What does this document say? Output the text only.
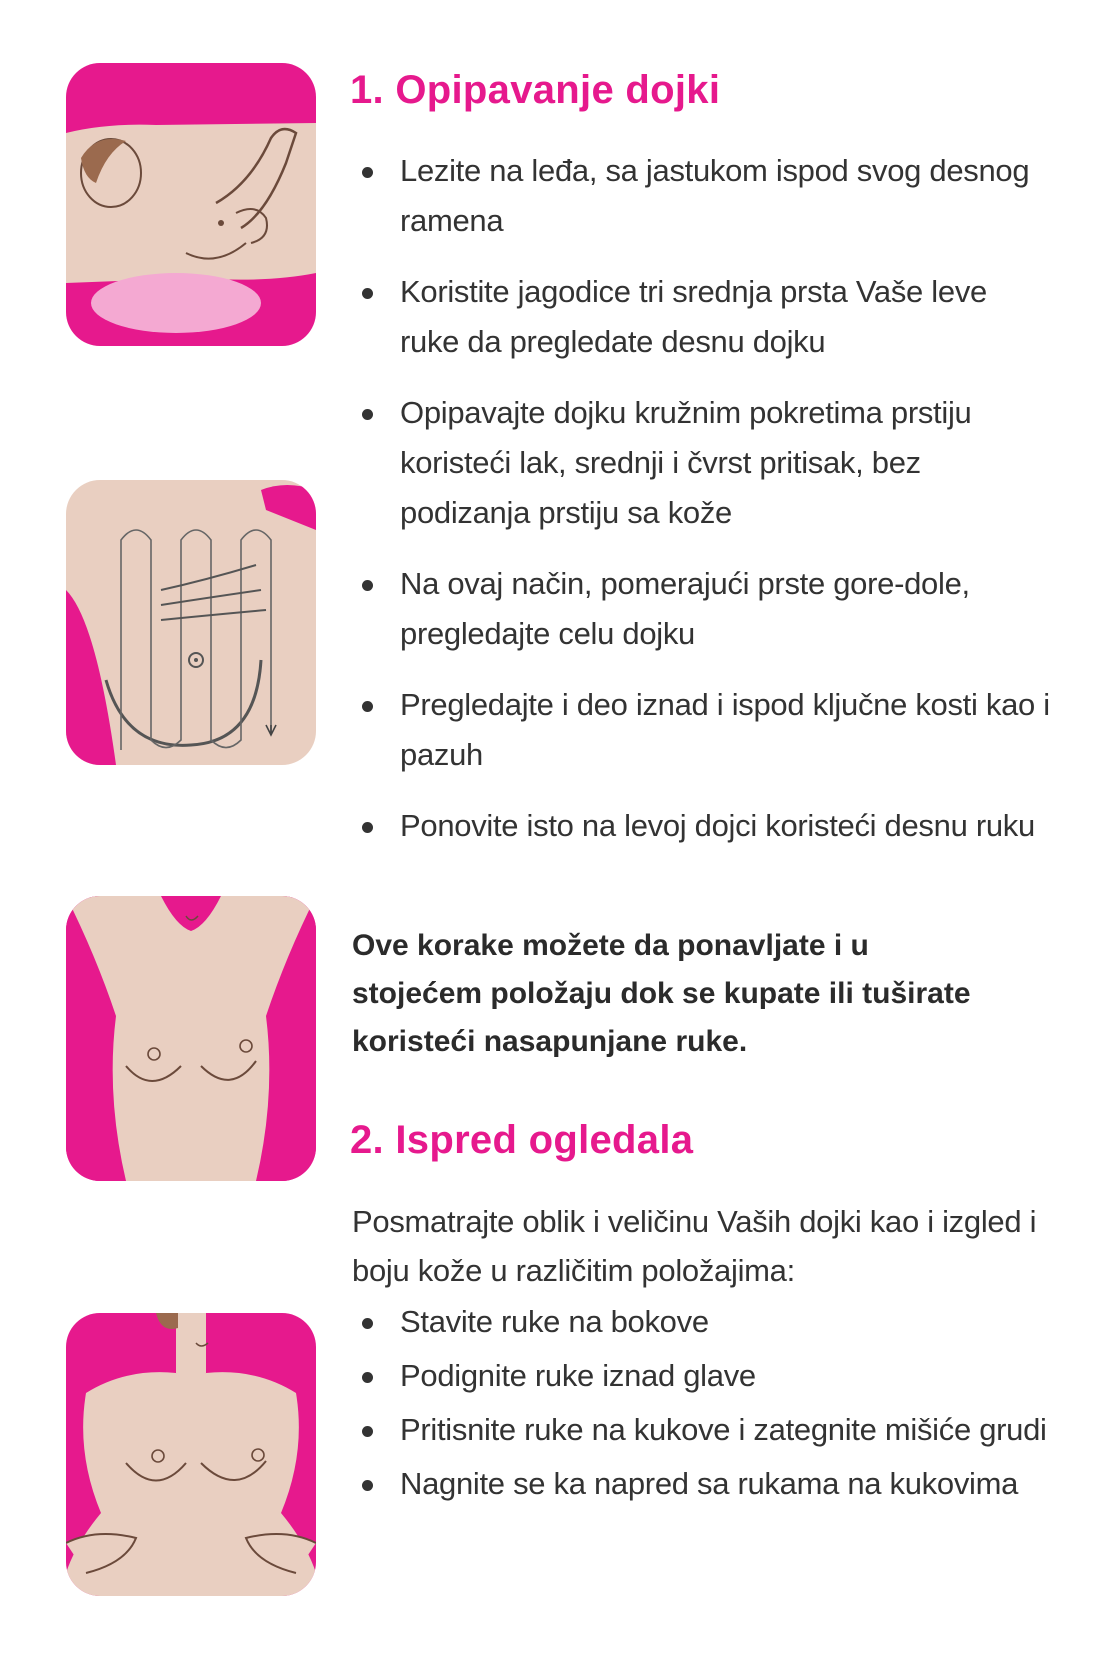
1. Opipavanje dojki
Lezite na leđa, sa jastukom ispod svog desnog ramena
Koristite jagodice tri srednja prsta Vaše leve ruke da pregledate desnu dojku
Opipavajte dojku kružnim pokretima prstiju koristeći lak, srednji i čvrst pritisak, bez podizanja prstiju sa kože
Na ovaj način, pomerajući prste gore-dole, pregledajte celu dojku
Pregledajte i deo iznad i ispod ključne kosti kao i pazuh
Ponovite isto na levoj dojci koristeći desnu ruku

Ove korake možete da ponavljate i u stojećem položaju dok se kupate ili tuširate koristeći nasapunjane ruke.

2. Ispred ogledala

Posmatrajte oblik i veličinu Vaših dojki kao i izgled i boju kože u različitim položajima:

Stavite ruke na bokove
Podignite ruke iznad glave
Pritisnite ruke na kukove i zategnite mišiće grudi
Nagnite se ka napred sa rukama na kukovima
